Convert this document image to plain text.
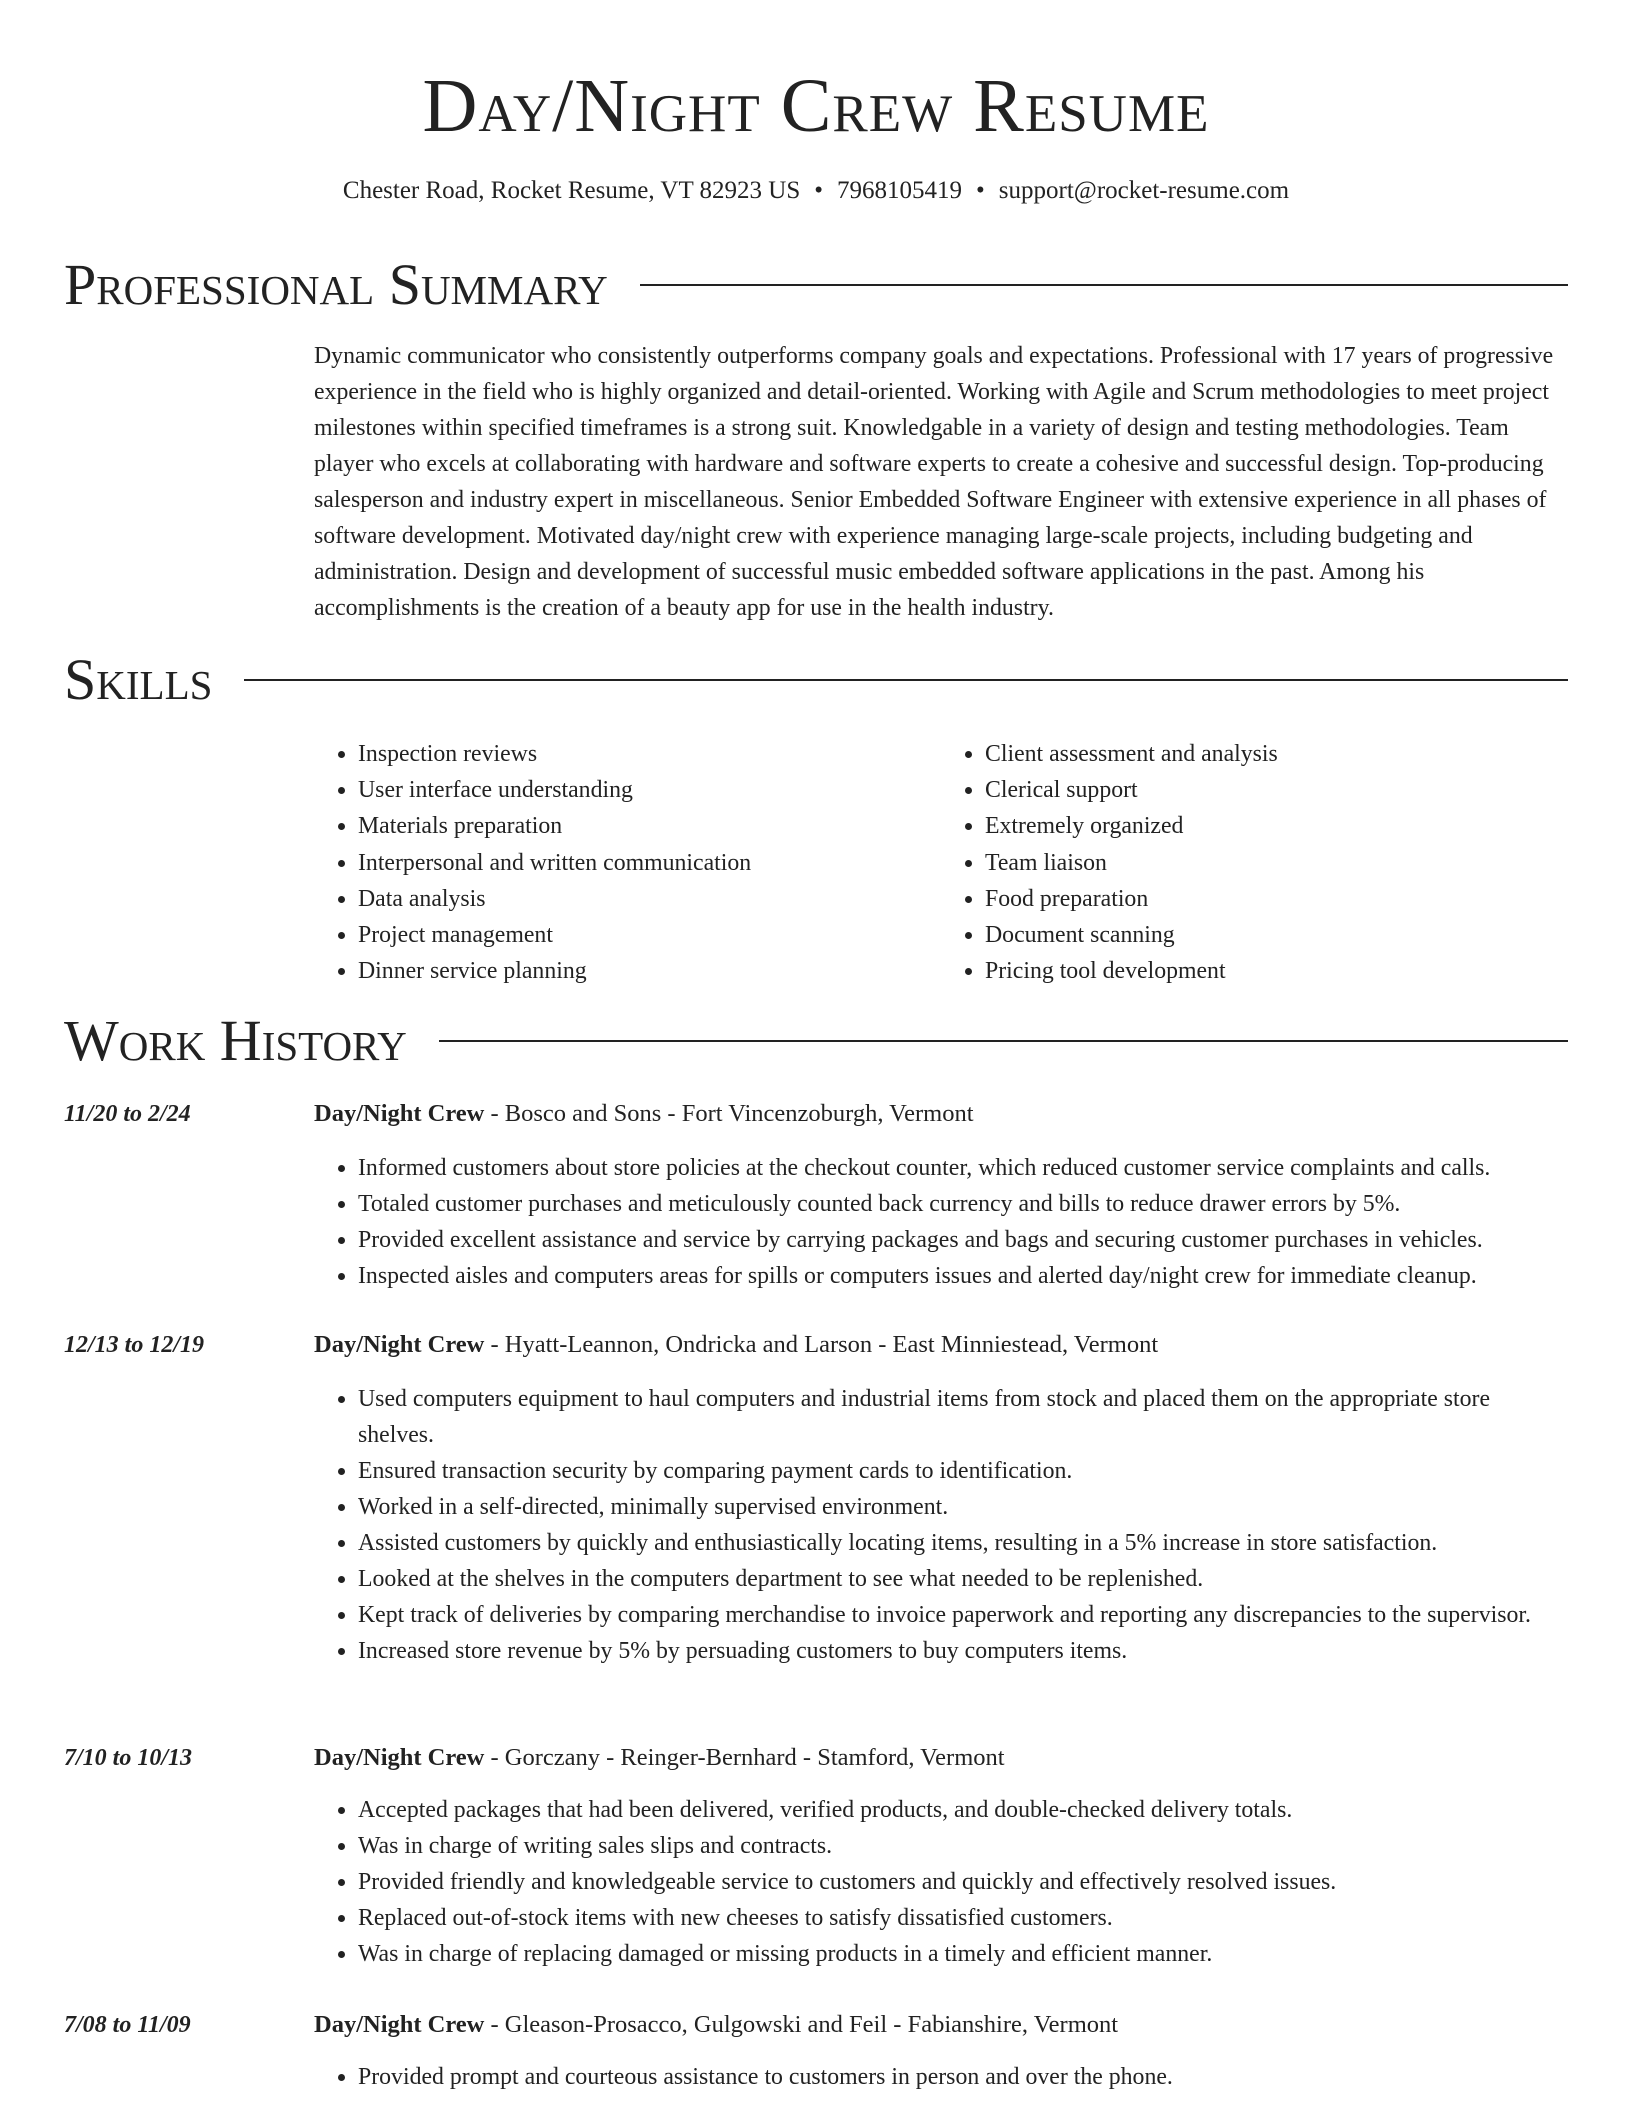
Day/Night Crew Resume
Chester Road, Rocket Resume, VT 82923 US • 7968105419 • support@rocket-resume.com
Professional Summary

Dynamic communicator who consistently outperforms company goals and expectations. Professional with 17 years of progressive experience in the field who is highly organized and detail-oriented. Working with Agile and Scrum methodologies to meet project milestones within specified timeframes is a strong suit. Knowledgable in a variety of design and testing methodologies. Team player who excels at collaborating with hardware and software experts to create a cohesive and successful design. Top-producing salesperson and industry expert in miscellaneous. Senior Embedded Software Engineer with extensive experience in all phases of software development. Motivated day/night crew with experience managing large-scale projects, including budgeting and administration. Design and development of successful music embedded software applications in the past. Among his accomplishments is the creation of a beauty app for use in the health industry.

Skills
• Inspection reviews
• User interface understanding
• Materials preparation
• Interpersonal and written communication
• Data analysis
• Project management
• Dinner service planning
• Client assessment and analysis
• Clerical support
• Extremely organized
• Team liaison
• Food preparation
• Document scanning
• Pricing tool development
Work History
11/20 to 2/24	Day/Night Crew - Bosco and Sons - Fort Vincenzoburgh, Vermont
• Informed customers about store policies at the checkout counter, which reduced customer service complaints and calls.
• Totaled customer purchases and meticulously counted back currency and bills to reduce drawer errors by 5%.
• Provided excellent assistance and service by carrying packages and bags and securing customer purchases in vehicles.
• Inspected aisles and computers areas for spills or computers issues and alerted day/night crew for immediate cleanup.
12/13 to 12/19	Day/Night Crew - Hyatt-Leannon, Ondricka and Larson - East Minniestead, Vermont
• Used computers equipment to haul computers and industrial items from stock and placed them on the appropriate store shelves.
• Ensured transaction security by comparing payment cards to identification.
• Worked in a self-directed, minimally supervised environment.
• Assisted customers by quickly and enthusiastically locating items, resulting in a 5% increase in store satisfaction.
• Looked at the shelves in the computers department to see what needed to be replenished.
• Kept track of deliveries by comparing merchandise to invoice paperwork and reporting any discrepancies to the supervisor.
• Increased store revenue by 5% by persuading customers to buy computers items.
7/10 to 10/13	Day/Night Crew - Gorczany - Reinger-Bernhard - Stamford, Vermont
• Accepted packages that had been delivered, verified products, and double-checked delivery totals.
• Was in charge of writing sales slips and contracts.
• Provided friendly and knowledgeable service to customers and quickly and effectively resolved issues.
• Replaced out-of-stock items with new cheeses to satisfy dissatisfied customers.
• Was in charge of replacing damaged or missing products in a timely and efficient manner.
7/08 to 11/09	Day/Night Crew - Gleason-Prosacco, Gulgowski and Feil - Fabianshire, Vermont
• Provided prompt and courteous assistance to customers in person and over the phone.
